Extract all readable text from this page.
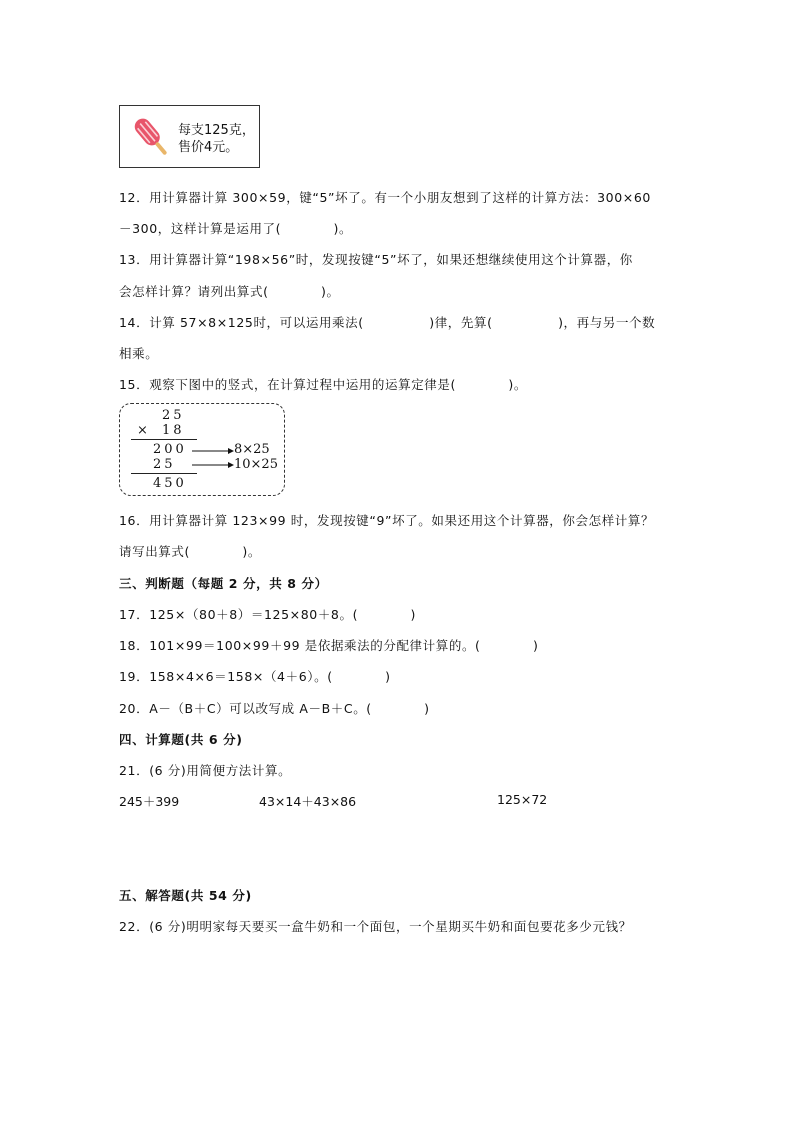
每支125克，
售价4元。
12．用计算器计算 300×59，键“5”坏了。有一个小朋友想到了这样的计算方法：300×60
－300，这样计算是运用了(　　　　)。
13．用计算器计算“198×56”时，发现按键“5”坏了，如果还想继续使用这个计算器，你
会怎样计算？请列出算式(　　　　)。
14．计算 57×8×125时，可以运用乘法(　　　　　)律，先算(　　　　　)，再与另一个数
相乘。
15．观察下图中的竖式，在计算过程中运用的运算定律是(　　　　)。
25
× 18
200
25
450
8×25
10×25
16．用计算器计算 123×99 时，发现按键“9”坏了。如果还用这个计算器，你会怎样计算？
请写出算式(　　　　)。
三、判断题（每题 2 分，共 8 分）
17．125×（80＋8）＝125×80＋8。(　　　　)
18．101×99＝100×99＋99 是依据乘法的分配律计算的。(　　　　)
19．158×4×6＝158×（4＋6）。(　　　　)
20．A－（B＋C）可以改写成 A－B＋C。(　　　　)
四、计算题(共 6 分)
21．(6 分)用简便方法计算。
245＋399	43×14＋43×86	125×72
五、解答题(共 54 分)
22．(6 分)明明家每天要买一盒牛奶和一个面包，一个星期买牛奶和面包要花多少元钱？
